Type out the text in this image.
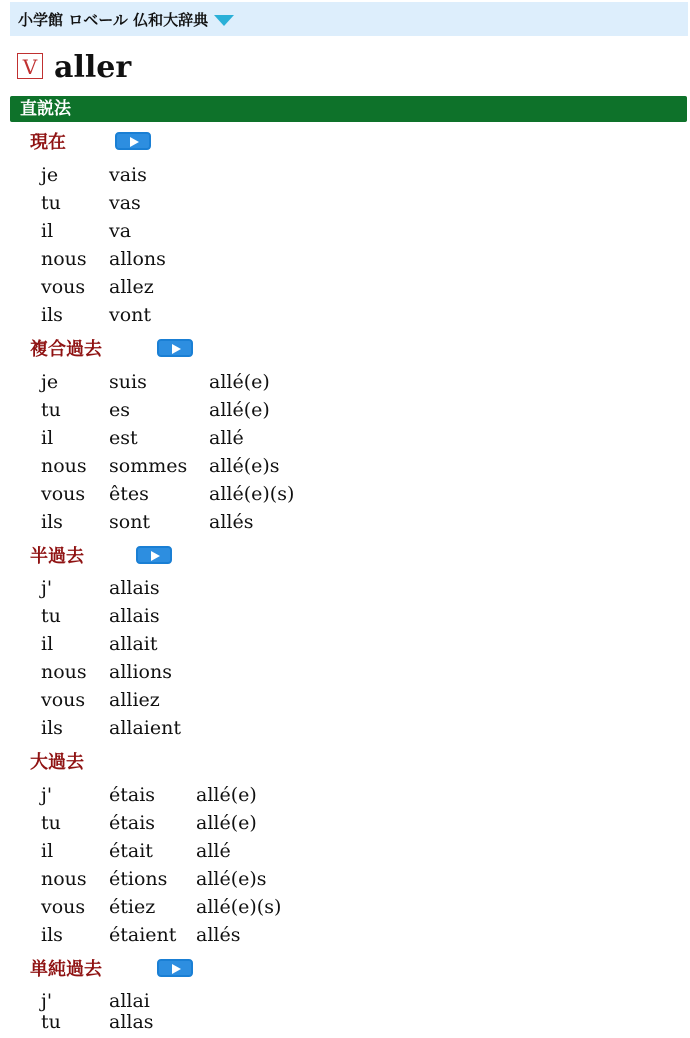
小学館 ロベール 仏和大辞典
V aller
直説法
現在
je	vais
tu	vas
il	va
nous allons
vous allez
ils vont
複合過去
je	suis	allé(e)
tu	es	allé(e)
il	est	allé
nous sommes allé(e)s
vous êtes	allé(e)(s)
ils sont	allés
半過去
j'	allais
tu	allais
il	allait
nous allions
vous alliez
ils allaient
大過去
j'	étais allé(e)
tu	étais allé(e)
il	était allé
nous étions allé(e)s
vous étiez allé(e)(s)
ils étaient allés
単純過去
j'	allai
tu	allas
